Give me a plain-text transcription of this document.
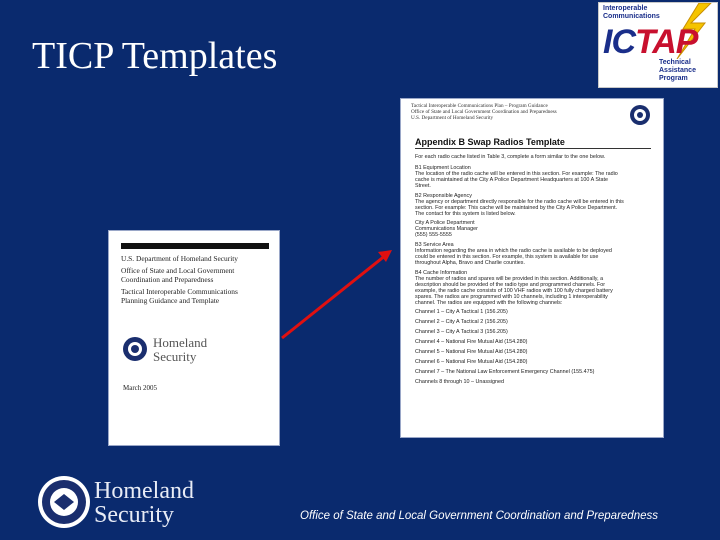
TICP Templates
Interoperable
Communications
ICTAP
Technical
Assistance
Program
U.S. Department of Homeland Security
Office of State and Local Government
Coordination and Preparedness
Tactical Interoperable Communications
Planning Guidance and Template
Homeland
Security
March 2005
Tactical Interoperable Communications Plan – Program Guidance
Office of State and Local Government Coordination and Preparedness
U.S. Department of Homeland Security
Appendix B Swap Radios Template
For each radio cache listed in Table 3, complete a form similar to the one below.
B1 Equipment Location
The location of the radio cache will be entered in this section. For example: The radio
cache is maintained at the City A Police Department Headquarters at 100 A State
Street.
B2 Responsible Agency
The agency or department directly responsible for the radio cache will be entered in this
section. For example: This cache will be maintained by the City A Police Department.
The contact for this system is listed below.
City A Police Department
Communications Manager
(555) 555-5555
B3 Service Area
Information regarding the area in which the radio cache is available to be deployed
could be entered in this section. For example, this system is available for use
throughout Alpha, Bravo and Charlie counties.
B4 Cache Information
The number of radios and spares will be provided in this section. Additionally, a
description should be provided of the radio type and programmed channels. For
example, the radio cache consists of 100 VHF radios with 100 fully charged battery
spares. The radios are programmed with 10 channels, including 1 interoperability
channel. The radios are equipped with the following channels:
Channel 1 – City A Tactical 1 (156.205)
Channel 2 – City A Tactical 2 (156.205)
Channel 3 – City A Tactical 3 (156.205)
Channel 4 – National Fire Mutual Aid (154.280)
Channel 5 – National Fire Mutual Aid (154.280)
Channel 6 – National Fire Mutual Aid (154.280)
Channel 7 – The National Law Enforcement Emergency Channel (155.475)
Channels 8 through 10 – Unassigned
Homeland
Security	Office of State and Local Government Coordination and Preparedness
